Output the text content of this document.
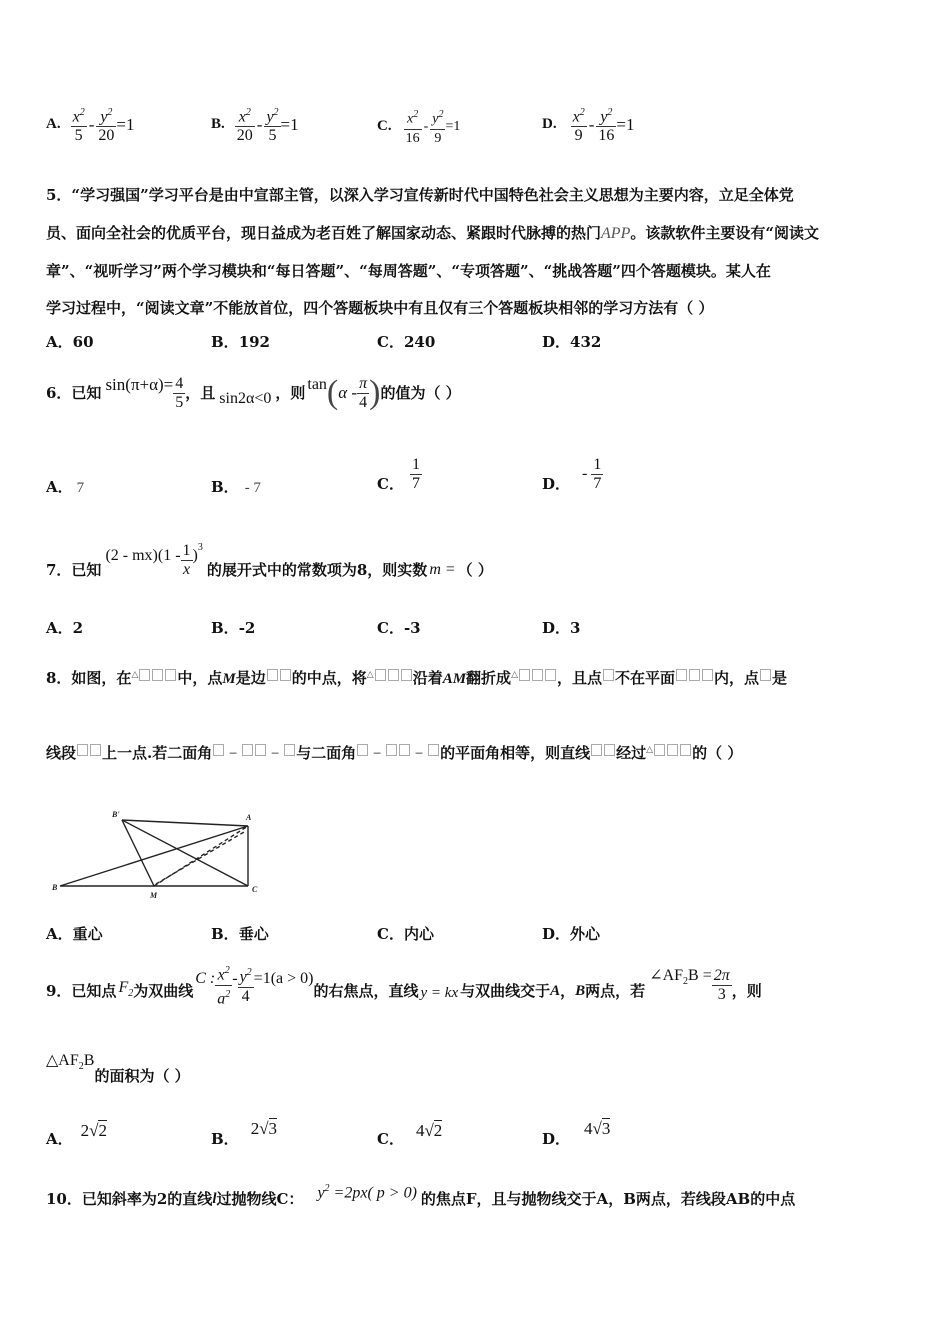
A. $\frac{x^2}{5} - \frac{y^2}{20} =1$	B. $\frac{x^2}{20} - \frac{y^2}{5} =1$	C. $\frac{x^2}{16} - \frac{y^2}{9} =1$	D. $\frac{x^2}{9} - \frac{y^2}{16} =1$
5．“学习强国”学习平台是由中宣部主管，以深入学习宣传新时代中国特色社会主义思想为主要内容，立足全体党
员、面向全社会的优质平台，现日益成为老百姓了解国家动态、紧跟时代脉搏的热门APP。该款软件主要设有“阅读文
章”、“视听学习”两个学习模块和“每日答题”、“每周答题”、“专项答题”、“挑战答题”四个答题模块。某人在
学习过程中，“阅读文章”不能放首位，四个答题板块中有且仅有三个答题板块相邻的学习方法有（ ）
A．60	B．192	C．240	D．432
6．已知 $\sin(\pi+\alpha)= \frac{4}{5}$ ，且 sin2α<0 ，则 tan ( α - $\frac{\pi}{4}$ ) 的值为（ ）
A． 7	B． - 7	C． $\frac{1}{7}$	D．
- $\frac{1}{7}$
7．已知
$(2 - mx)(1 - \frac{1}{x}$ ) 3
的展开式中的常数项为8，则实数 m = （ ）
A．2	B．-2	C．-3	D．3
8．如图，在△	中，点M是边 的中点，将△	沿着AM翻折成△	，且点 不在平面	内，点 是
线段 上一点.若二面角 −  − 与二面角 −  − 的平面角相等，则直线 经过△	的（ ）
B'	A
B
M
C
A．重心	B．垂心	C．内心	D．外心
9．已知点 $F_2$ 为双曲线
C : $\frac{x^2}{a^2} - \frac{y^2}{4} =1(a > 0)$
的右焦点，直线 y = kx 与双曲线交于 A ， B 两点，若
$\angle AF_2B = \frac{2\pi}{3}$ ，则
$\triangle AF_2B$
的面积为（ ）
A． 2√2	B．
2√3
C． 4√2	D．
4√3
10．已知斜率为2的直线 l 过抛物线C： $y^2 =2px$( p > 0) 的焦点F，且与抛物线交于A，B两点，若线段AB的中点
